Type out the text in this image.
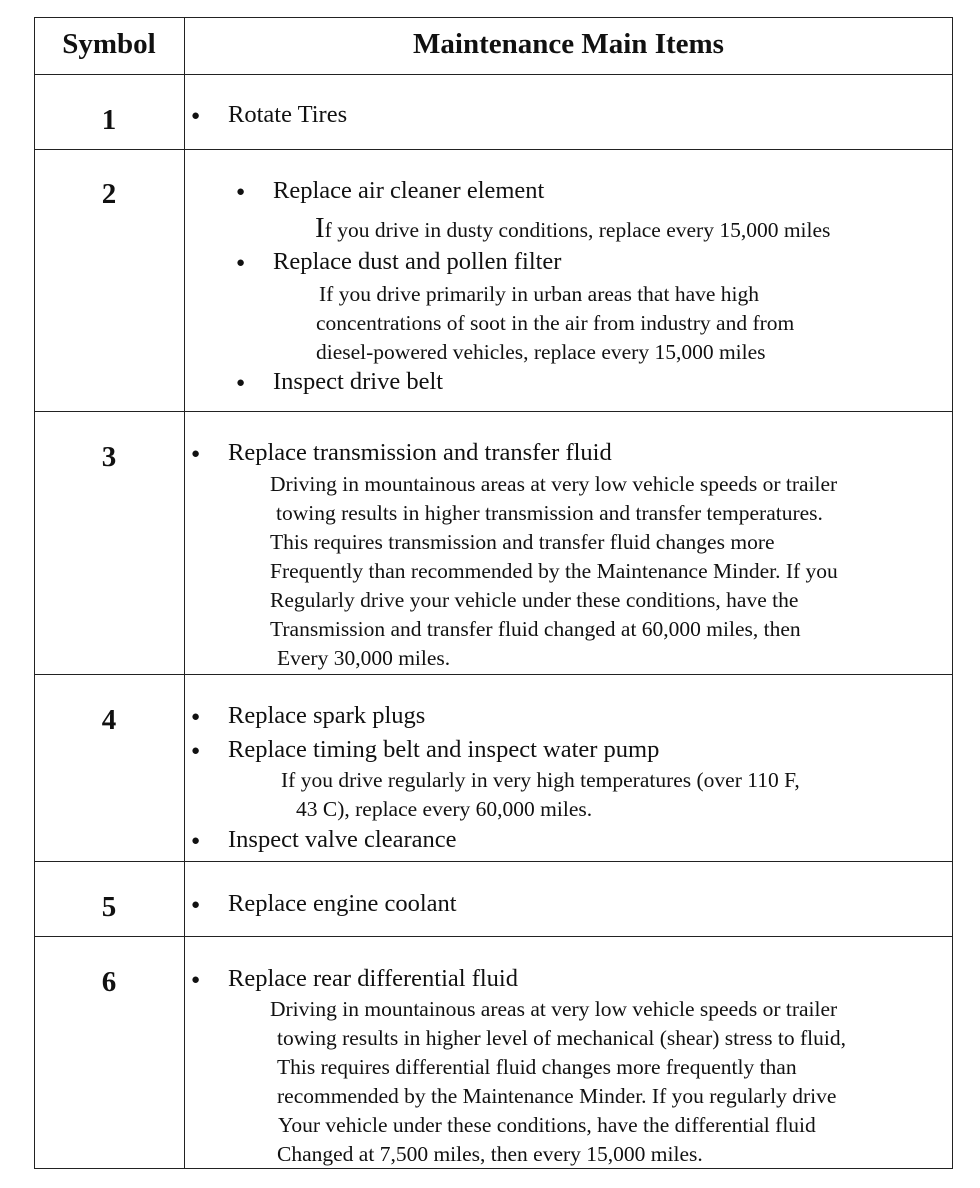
Symbol	Maintenance Main Items
1	● Rotate Tires
2	● Replace air cleaner element
If you drive in dusty conditions, replace every 15,000 miles
● Replace dust and pollen filter
If you drive primarily in urban areas that have high
concentrations of soot in the air from industry and from
diesel-powered vehicles, replace every 15,000 miles
● Inspect drive belt
3	● Replace transmission and transfer fluid
Driving in mountainous areas at very low vehicle speeds or trailer
towing results in higher transmission and transfer temperatures.
This requires transmission and transfer fluid changes more
Frequently than recommended by the Maintenance Minder. If you
Regularly drive your vehicle under these conditions, have the
Transmission and transfer fluid changed at 60,000 miles, then
Every 30,000 miles.
4	● Replace spark plugs
● Replace timing belt and inspect water pump
If you drive regularly in very high temperatures (over 110 F,
43 C), replace every 60,000 miles.
● Inspect valve clearance
5	● Replace engine coolant
6	● Replace rear differential fluid
Driving in mountainous areas at very low vehicle speeds or trailer
towing results in higher level of mechanical (shear) stress to fluid,
This requires differential fluid changes more frequently than
recommended by the Maintenance Minder. If you regularly drive
Your vehicle under these conditions, have the differential fluid
Changed at 7,500 miles, then every 15,000 miles.
